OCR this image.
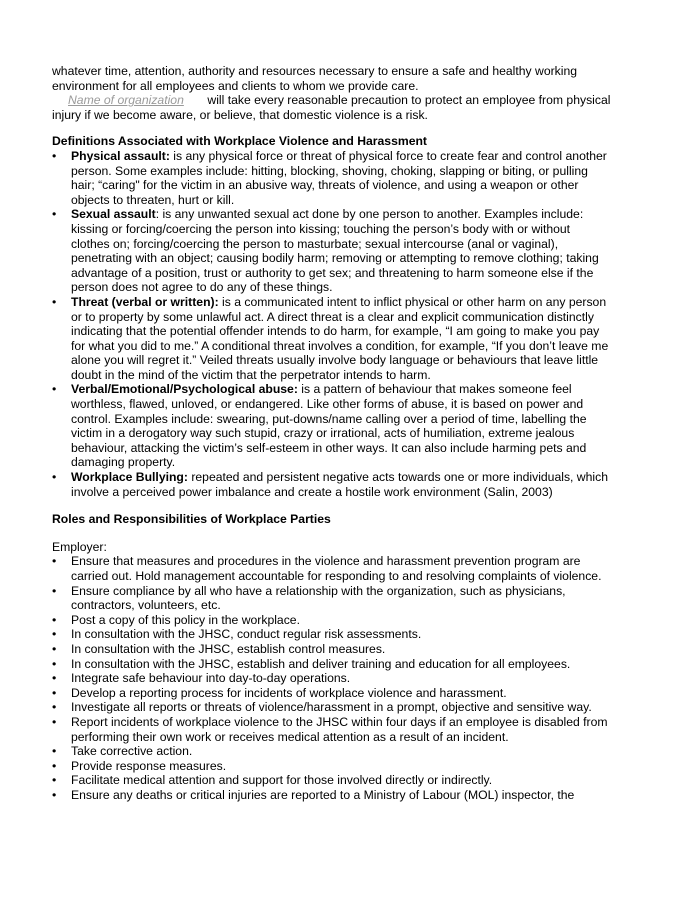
whatever time, attention, authority and resources necessary to ensure a safe and healthy working environment for all employees and clients to whom we provide care.

Name of organization will take every reasonable precaution to protect an employee from physical injury if we become aware, or believe, that domestic violence is a risk.

Definitions Associated with Workplace Violence and Harassment

•	Physical assault: is any physical force or threat of physical force to create fear and control another person. Some examples include: hitting, blocking, shoving, choking, slapping or biting, or pulling hair; “caring" for the victim in an abusive way, threats of violence, and using a weapon or other objects to threaten, hurt or kill.
•	Sexual assault: is any unwanted sexual act done by one person to another. Examples include: kissing or forcing/coercing the person into kissing; touching the person’s body with or without clothes on; forcing/coercing the person to masturbate; sexual intercourse (anal or vaginal), penetrating with an object; causing bodily harm; removing or attempting to remove clothing; taking advantage of a position, trust or authority to get sex; and threatening to harm someone else if the person does not agree to do any of these things.
•	Threat (verbal or written): is a communicated intent to inflict physical or other harm on any person or to property by some unlawful act. A direct threat is a clear and explicit communication distinctly indicating that the potential offender intends to do harm, for example, “I am going to make you pay for what you did to me.” A conditional threat involves a condition, for example, “If you don’t leave me alone you will regret it.” Veiled threats usually involve body language or behaviours that leave little doubt in the mind of the victim that the perpetrator intends to harm.
•	Verbal/Emotional/Psychological abuse: is a pattern of behaviour that makes someone feel worthless, flawed, unloved, or endangered. Like other forms of abuse, it is based on power and control. Examples include: swearing, put-downs/name calling over a period of time, labelling the victim in a derogatory way such stupid, crazy or irrational, acts of humiliation, extreme jealous behaviour, attacking the victim’s self-esteem in other ways. It can also include harming pets and damaging property.
•	Workplace Bullying: repeated and persistent negative acts towards one or more individuals, which involve a perceived power imbalance and create a hostile work environment (Salin, 2003)

Roles and Responsibilities of Workplace Parties

Employer:

•	Ensure that measures and procedures in the violence and harassment prevention program are carried out. Hold management accountable for responding to and resolving complaints of violence.
•	Ensure compliance by all who have a relationship with the organization, such as physicians, contractors, volunteers, etc.
•	Post a copy of this policy in the workplace.
•	In consultation with the JHSC, conduct regular risk assessments.
•	In consultation with the JHSC, establish control measures.
•	In consultation with the JHSC, establish and deliver training and education for all employees.
•	Integrate safe behaviour into day-to-day operations.
•	Develop a reporting process for incidents of workplace violence and harassment.
•	Investigate all reports or threats of violence/harassment in a prompt, objective and sensitive way.
•	Report incidents of workplace violence to the JHSC within four days if an employee is disabled from performing their own work or receives medical attention as a result of an incident.
•	Take corrective action.
•	Provide response measures.
•	Facilitate medical attention and support for those involved directly or indirectly.
•	Ensure any deaths or critical injuries are reported to a Ministry of Labour (MOL) inspector, the
